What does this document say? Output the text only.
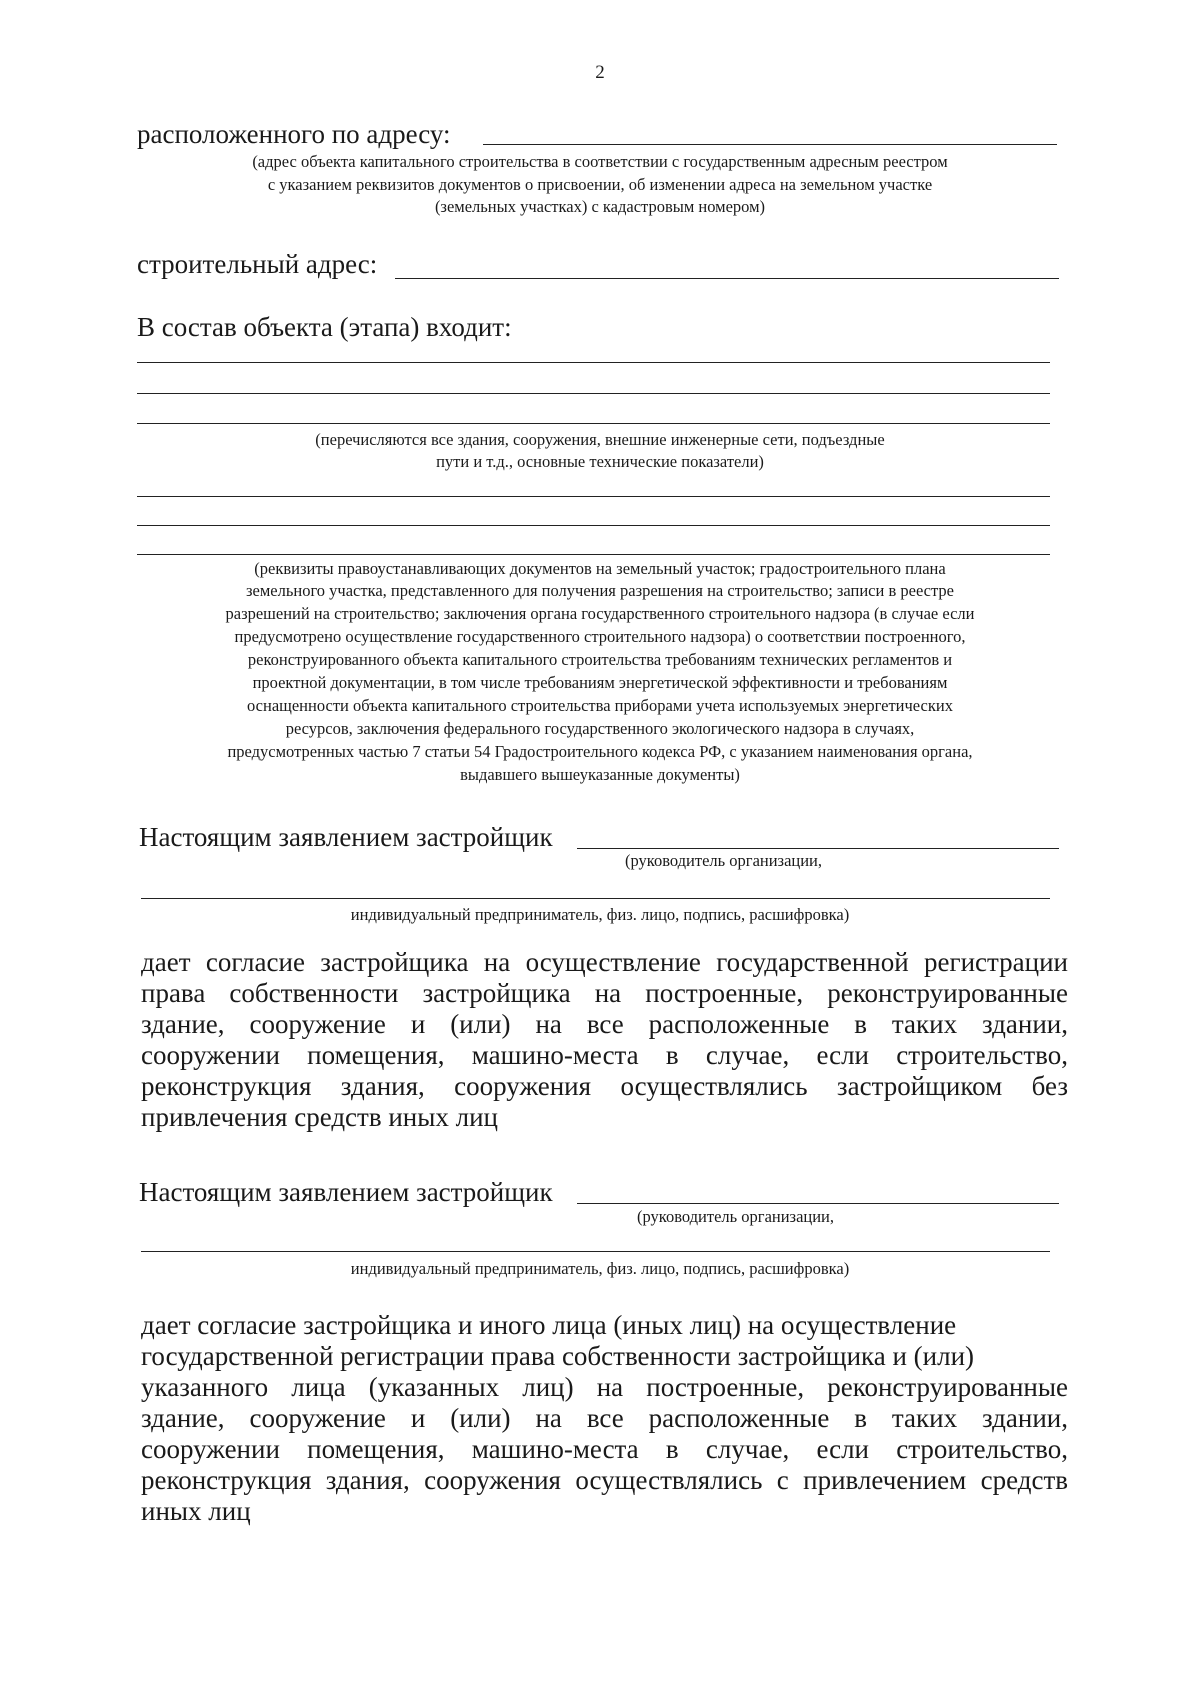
2
расположенного по адресу:
(адрес объекта капитального строительства в соответствии с государственным адресным реестром
с указанием реквизитов документов о присвоении, об изменении адреса на земельном участке
(земельных участках) с кадастровым номером)
строительный адрес:
В состав объекта (этапа) входит:
(перечисляются все здания, сооружения, внешние инженерные сети, подъездные
пути и т.д., основные технические показатели)
(реквизиты правоустанавливающих документов на земельный участок; градостроительного плана
земельного участка, представленного для получения разрешения на строительство; записи в реестре
разрешений на строительство; заключения органа государственного строительного надзора (в случае если
предусмотрено осуществление государственного строительного надзора) о соответствии построенного,
реконструированного объекта капитального строительства требованиям технических регламентов и
проектной документации, в том числе требованиям энергетической эффективности и требованиям
оснащенности объекта капитального строительства приборами учета используемых энергетических
ресурсов, заключения федерального государственного экологического надзора в случаях,
предусмотренных частью 7 статьи 54 Градостроительного кодекса РФ, с указанием наименования органа,
выдавшего вышеуказанные документы)
Настоящим заявлением застройщик
(руководитель организации,
индивидуальный предприниматель, физ. лицо, подпись, расшифровка)
дает согласие застройщика на осуществление государственной регистрации
права собственности застройщика на построенные, реконструированные
здание, сооружение и (или) на все расположенные в таких здании,
сооружении помещения, машино-места в случае, если строительство,
реконструкция здания, сооружения осуществлялись застройщиком без
привлечения средств иных лиц
Настоящим заявлением застройщик
(руководитель организации,
индивидуальный предприниматель, физ. лицо, подпись, расшифровка)
дает согласие застройщика и иного лица (иных лиц) на осуществление
государственной регистрации права собственности застройщика и (или)
указанного лица (указанных лиц) на построенные, реконструированные
здание, сооружение и (или) на все расположенные в таких здании,
сооружении помещения, машино-места в случае, если строительство,
реконструкция здания, сооружения осуществлялись с привлечением средств
иных лиц
